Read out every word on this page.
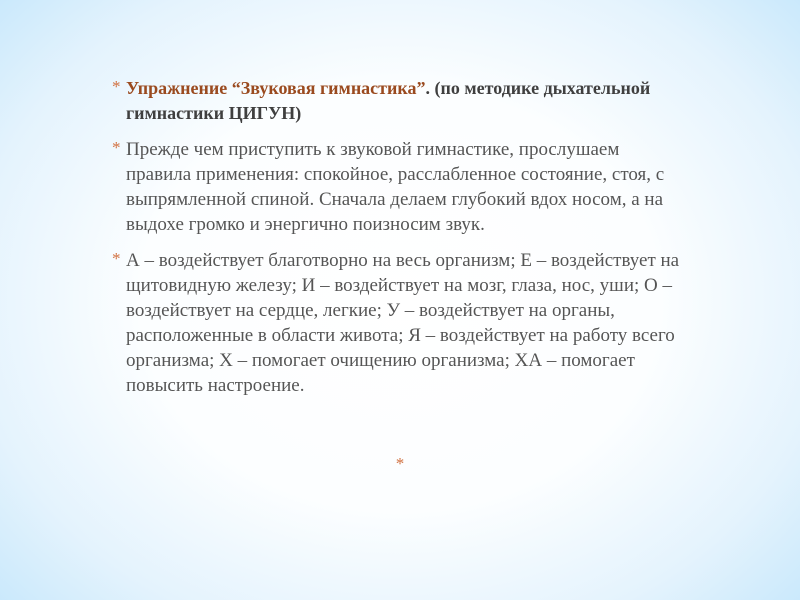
* Упражнение “Звуковая гимнастика”. (по методике дыхательной гимнастики ЦИГУН)
* Прежде чем приступить к звуковой гимнастике, прослушаем правила применения: спокойное, расслабленное состояние, стоя, с выпрямленной спиной. Сначала делаем глубокий вдох носом, а на выдохе громко и энергично поизносим звук.
* А – воздействует благотворно на весь организм; Е – воздействует на щитовидную железу; И – воздействует на мозг, глаза, нос, уши; О – воздействует на сердце, легкие; У – воздействует на органы, расположенные в области живота; Я – воздействует на работу всего организма; Х – помогает очищению организма; ХА – помогает повысить настроение.
*
